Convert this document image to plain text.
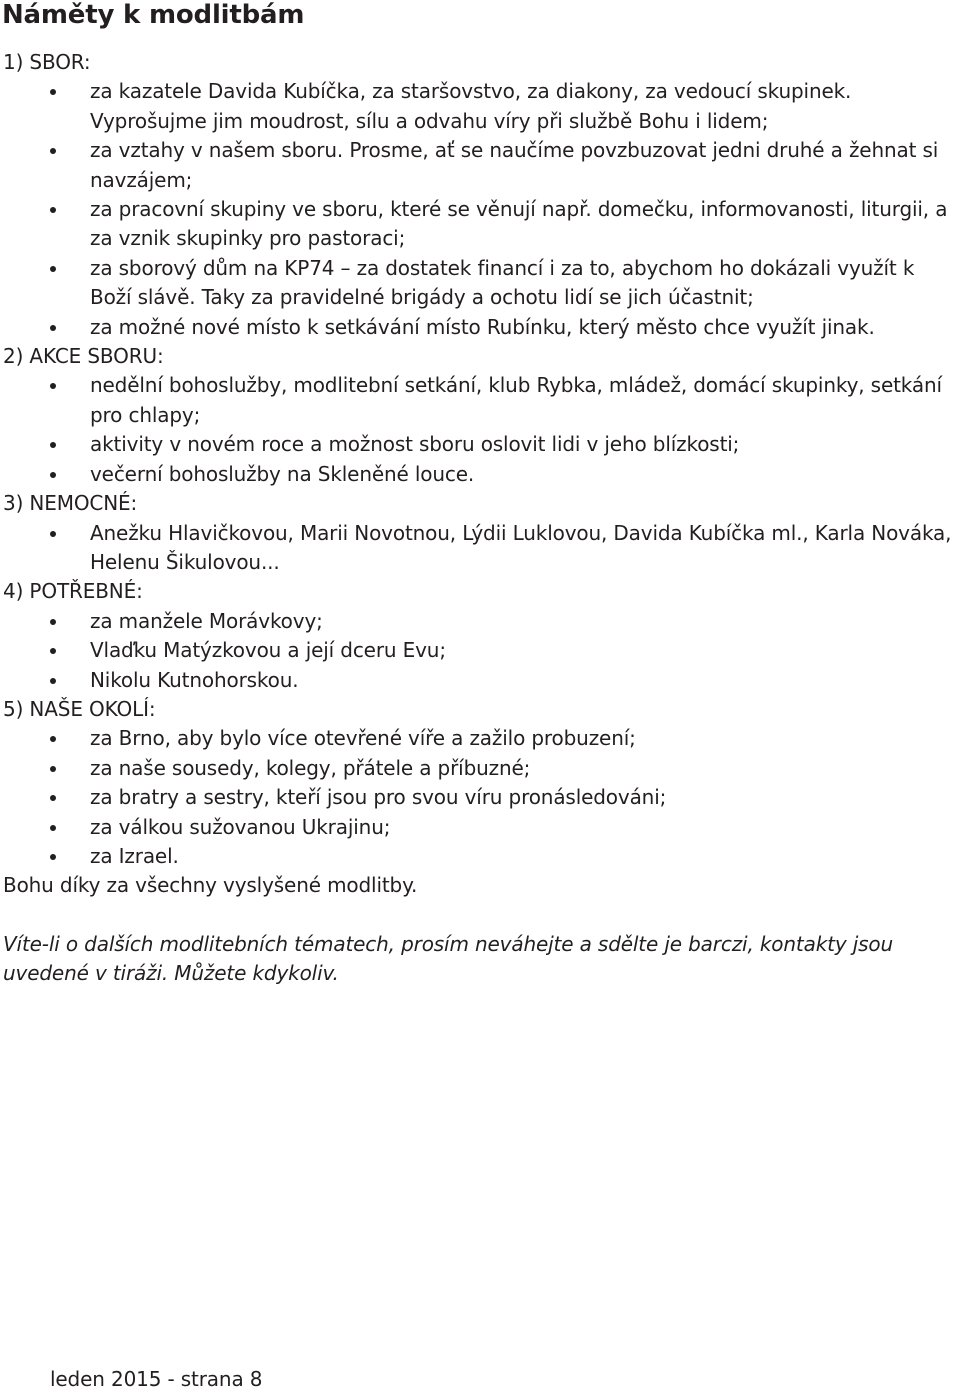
Náměty k modlitbám
1) SBOR:
za kazatele Davida Kubíčka, za staršovstvo, za diakony, za vedoucí skupinek. Vyprošujme jim moudrost, sílu a odvahu víry při službě Bohu i lidem;
za vztahy v našem sboru. Prosme, ať se naučíme povzbuzovat jedni druhé a žehnat si navzájem;
za pracovní skupiny ve sboru, které se věnují např. domečku, informovanosti, liturgii, a za vznik skupinky pro pastoraci;
za sborový dům na KP74 – za dostatek financí i za to, abychom ho dokázali využít k Boží slávě. Taky za pravidelné brigády a ochotu lidí se jich účastnit;
za možné nové místo k setkávání místo Rubínku, který město chce využít jinak.
2) AKCE SBORU:
nedělní bohoslužby, modlitební setkání, klub Rybka, mládež, domácí skupinky, setkání pro chlapy;
aktivity v novém roce a možnost sboru oslovit lidi v jeho blízkosti;
večerní bohoslužby na Skleněné louce.
3) NEMOCNÉ:
Anežku Hlavičkovou, Marii Novotnou, Lýdii Luklovou, Davida Kubíčka ml., Karla Nováka, Helenu Šikulovou...
4) POTŘEBNÉ:
za manžele Morávkovy;
Vlaďku Matýzkovou a její dceru Evu;
Nikolu Kutnohorskou.
5) NAŠE OKOLÍ:
za Brno, aby bylo více otevřené víře a zažilo probuzení;
za naše sousedy, kolegy, přátele a příbuzné;
za bratry a sestry, kteří jsou pro svou víru pronásledováni;
za válkou sužovanou Ukrajinu;
za Izrael.

Bohu díky za všechny vyslyšené modlitby.

Víte-li o dalších modlitebních tématech, prosím neváhejte a sdělte je barczi, kontakty jsou uvedené v tiráži. Můžete kdykoliv.

leden 2015 - strana 8
